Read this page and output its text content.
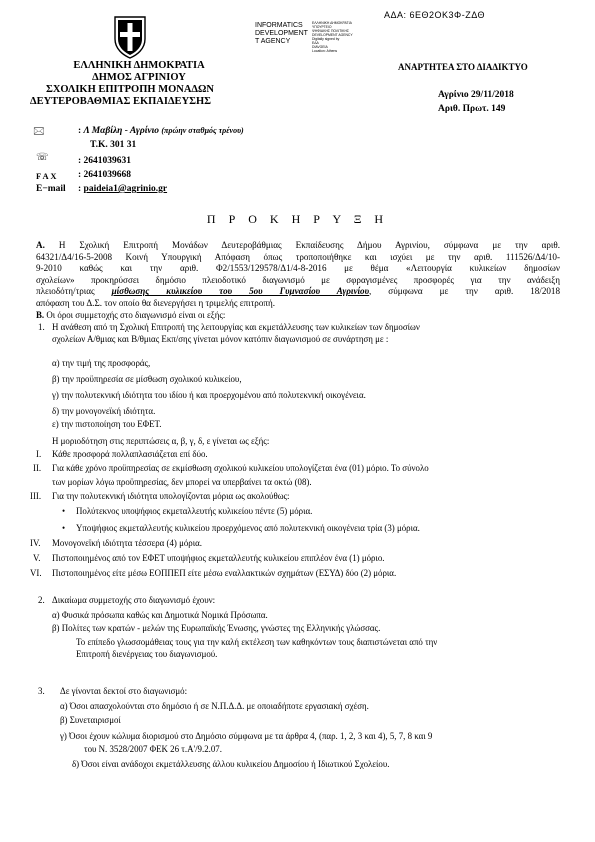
ΑΔΑ: 6ΕΘ2ΟΚ3Φ-ΖΔΘ
INFORMATICS
DEVELOPMENT
T AGENCY
ΕΛΛΗΝΙΚΗ ΔΗΜΟΚΡΑΤΙΑ
ΥΠΟΥΡΓΕΙΟ
ΨΗΦΙΑΚΗΣ ΠΟΛΙΤΙΚΗΣ
DEVELOPMENT AGENCY
Digitally signed by
ΕΔΑ
DIAVGEIA
Location: Athens
ΕΛΛΗΝΙΚΗ ΔΗΜΟΚΡΑΤΙΑ
ΔΗΜΟΣ ΑΓΡΙΝΙΟΥ
ΣΧΟΛΙΚΗ ΕΠΙΤΡΟΠΗ ΜΟΝΑΔΩΝ
ΔΕΥΤΕΡΟΒΑΘΜΙΑΣ ΕΚΠΑΙΔΕΥΣΗΣ
ΑΝΑΡΤΗΤΕΑ ΣΤΟ ΔΙΑΔΙΚΤΥΟ
Αγρίνιο 29/11/2018
Αριθ. Πρωτ. 149
🖂	: Λ Μαβίλη - Αγρίνιο (πρώην σταθμός τρένου)
Τ.Κ. 301 31
☏	: 2641039631
F A X : 2641039668
E−mail : paideia1@agrinio.gr
Π Ρ Ο Κ Η Ρ Υ Ξ Η
Α. Η Σχολική Επιτροπή Μονάδων Δευτεροβάθμιας Εκπαίδευσης Δήμου Αγρινίου, σύμφωνα με την αριθ.
64321/Δ4/16-5-2008 Κοινή Υπουργική Απόφαση όπως τροποποιήθηκε και ισχύει με την αριθ. 111526/Δ4/10-
9-2010 καθώς και την αριθ. Φ2/1553/129578/Δ1/4-8-2016 με θέμα «Λειτουργία κυλικείων δημοσίων
σχολείων» προκηρύσσει δημόσιο πλειοδοτικό διαγωνισμό με σφραγισμένες προσφορές για την ανάδειξη
πλειοδότη/τριας μίσθωσης κυλικείου του 5ου Γυμνασίου Αγρινίου, σύμφωνα με την αριθ. 18/2018
απόφαση του Δ.Σ. τον οποίο θα διενεργήσει η τριμελής επιτροπή.
Β. Οι όροι συμμετοχής στο διαγωνισμό είναι οι εξής:
1. Η ανάθεση από τη Σχολική Επιτροπή της λειτουργίας και εκμετάλλευσης των κυλικείων των δημοσίων
σχολείων Α/θμιας και Β/θμιας Εκπ/σης γίνεται μόνον κατόπιν διαγωνισμού σε συνάρτηση με :
α) την τιμή της προσφοράς,
β) την προϋπηρεσία σε μίσθωση σχολικού κυλικείου,
γ) την πολυτεκνική ιδιότητα του ιδίου ή και προερχομένου από πολυτεκνική οικογένεια.
δ) την μονογονεϊκή ιδιότητα.
ε) την πιστοποίηση του ΕΦΕΤ.
Η μοριοδότηση στις περιπτώσεις α, β, γ, δ, ε γίνεται ως εξής:
I. Κάθε προσφορά πολλαπλασιάζεται επί δύο.
II. Για κάθε χρόνο προϋπηρεσίας σε εκμίσθωση σχολικού κυλικείου υπολογίζεται ένα (01) μόριο. Το σύνολο
των μορίων λόγω προϋπηρεσίας, δεν μπορεί να υπερβαίνει τα οκτώ (08).
III. Για την πολυτεκνική ιδιότητα υπολογίζονται μόρια ως ακολούθως:
• Πολύτεκνος υποψήφιος εκμεταλλευτής κυλικείου πέντε (5) μόρια.
• Υποψήφιος εκμεταλλευτής κυλικείου προερχόμενος από πολυτεκνική οικογένεια τρία (3) μόρια.
IV. Μονογονεϊκή ιδιότητα τέσσερα (4) μόρια.
V. Πιστοποιημένος από τον ΕΦΕΤ υποψήφιος εκμεταλλευτής κυλικείου επιπλέον ένα (1) μόριο.
VI. Πιστοποιημένος είτε μέσω ΕΟΠΠΕΠ είτε μέσω εναλλακτικών σχημάτων (ΕΣΥΔ) δύο (2) μόρια.
2. Δικαίωμα συμμετοχής στο διαγωνισμό έχουν:
α) Φυσικά πρόσωπα καθώς και Δημοτικά Νομικά Πρόσωπα.
β) Πολίτες των κρατών - μελών της Ευρωπαϊκής Ένωσης, γνώστες της Ελληνικής γλώσσας.
Το επίπεδο γλωσσομάθειας τους για την καλή εκτέλεση των καθηκόντων τους διαπιστώνεται από την
Επιτροπή διενέργειας του διαγωνισμού.
3. Δε γίνονται δεκτοί στο διαγωνισμό:
α) Όσοι απασχολούνται στο δημόσιο ή σε Ν.Π.Δ.Δ. με οποιαδήποτε εργασιακή σχέση.
β) Συνεταιρισμοί
γ) Όσοι έχουν κώλυμα διορισμού στο Δημόσιο σύμφωνα με τα άρθρα 4, (παρ. 1, 2, 3 και 4), 5, 7, 8 και 9
του Ν. 3528/2007 ΦΕΚ 26 τ.Α'/9.2.07.
δ) Όσοι είναι ανάδοχοι εκμετάλλευσης άλλου κυλικείου Δημοσίου ή Ιδιωτικού Σχολείου.
